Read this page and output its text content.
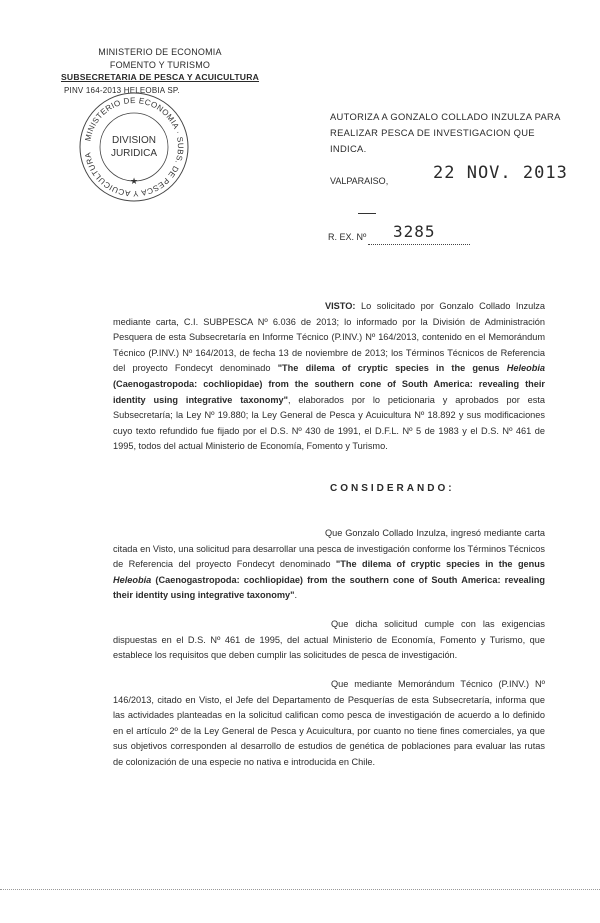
MINISTERIO DE ECONOMIA
FOMENTO Y TURISMO
SUBSECRETARIA DE PESCA Y ACUICULTURA
PINV 164-2013 HELEOBIA SP.
MINISTERIO DE ECONOMIA · SUBS. DE PESCA Y ACUICULTURA
DIVISION
JURIDICA
★
AUTORIZA A GONZALO COLLADO INZULZA PARA
REALIZAR PESCA DE INVESTIGACION QUE INDICA.
VALPARAISO,	22 NOV. 2013
R. EX. Nº 3285
VISTO: Lo solicitado por Gonzalo Collado Inzulza mediante carta, C.I. SUBPESCA Nº 6.036 de 2013; lo informado por la División de Administración Pesquera de esta Subsecretaría en Informe Técnico (P.INV.) Nº 164/2013, contenido en el Memorándum Técnico (P.INV.) Nº 164/2013, de fecha 13 de noviembre de 2013; los Términos Técnicos de Referencia del proyecto Fondecyt denominado "The dilema of cryptic species in the genus Heleobia (Caenogastropoda: cochliopidae) from the southern cone of South America: revealing their identity using integrative taxonomy", elaborados por lo peticionaria y aprobados por esta Subsecretaría; la Ley Nº 19.880; la Ley General de Pesca y Acuicultura Nº 18.892 y sus modificaciones cuyo texto refundido fue fijado por el D.S. Nº 430 de 1991, el D.F.L. Nº 5 de 1983 y el D.S. Nº 461 de 1995, todos del actual Ministerio de Economía, Fomento y Turismo.
CONSIDERANDO:
Que Gonzalo Collado Inzulza, ingresó mediante carta citada en Visto, una solicitud para desarrollar una pesca de investigación conforme los Términos Técnicos de Referencia del proyecto Fondecyt denominado "The dilema of cryptic species in the genus Heleobia (Caenogastropoda: cochliopidae) from the southern cone of South America: revealing their identity using integrative taxonomy".
Que dicha solicitud cumple con las exigencias dispuestas en el D.S. Nº 461 de 1995, del actual Ministerio de Economía, Fomento y Turismo, que establece los requisitos que deben cumplir las solicitudes de pesca de investigación.
Que mediante Memorándum Técnico (P.INV.) Nº 146/2013, citado en Visto, el Jefe del Departamento de Pesquerías de esta Subsecretaría, informa que las actividades planteadas en la solicitud califican como pesca de investigación de acuerdo a lo definido en el artículo 2º de la Ley General de Pesca y Acuicultura, por cuanto no tiene fines comerciales, ya que sus objetivos corresponden al desarrollo de estudios de genética de poblaciones para evaluar las rutas de colonización de una especie no nativa e introducida en Chile.
